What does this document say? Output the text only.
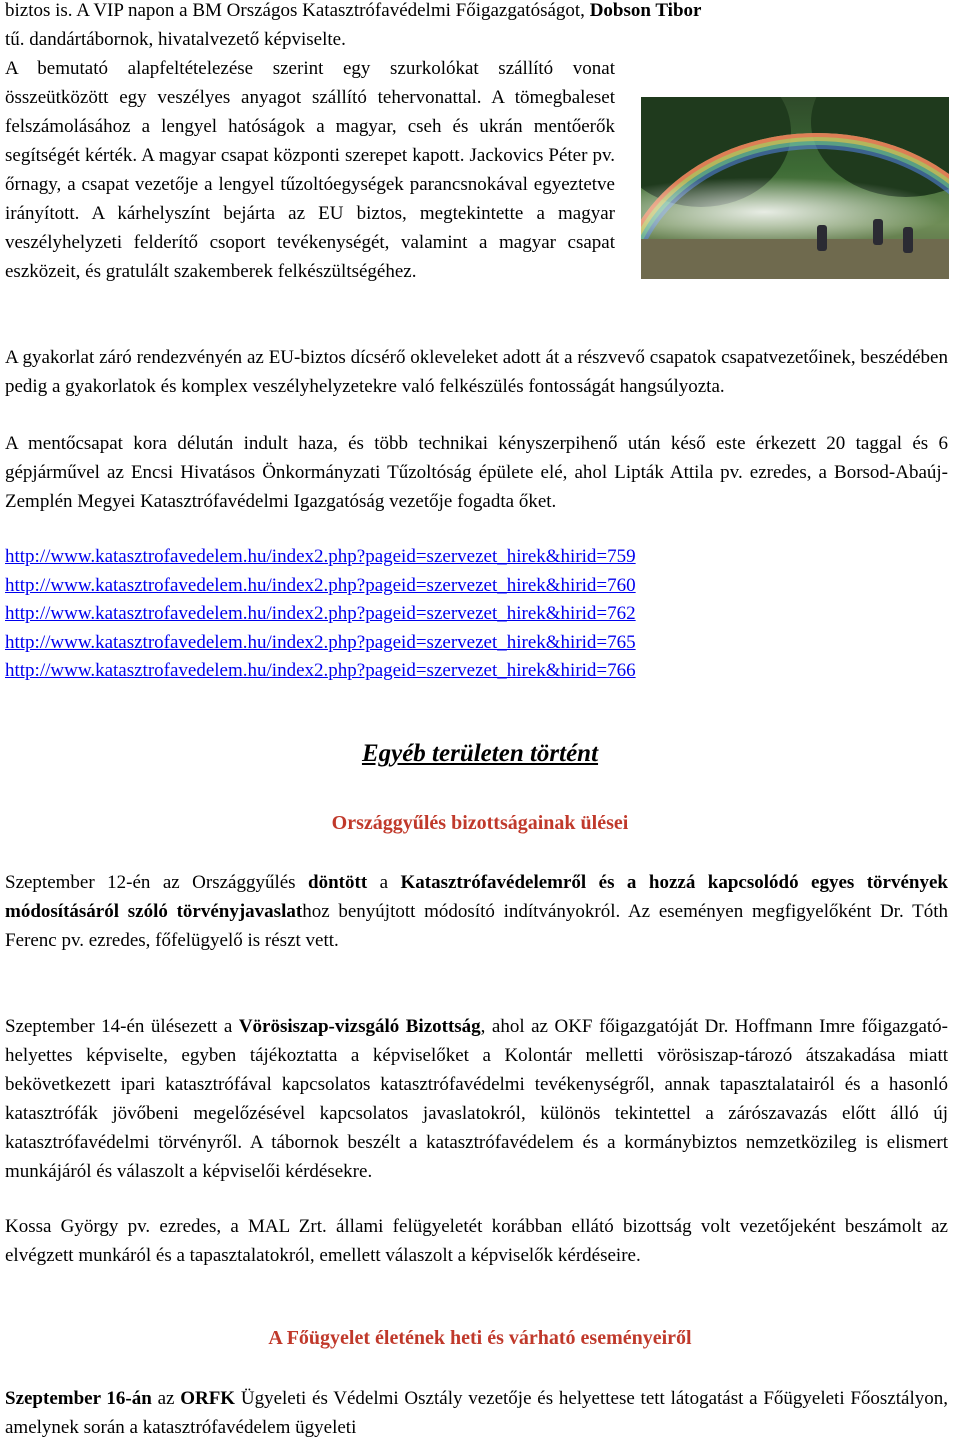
biztos is. A VIP napon a BM Országos Katasztrófavédelmi Főigazgatóságot, Dobson Tibor

tű. dandártábornok, hivatalvezető képviselte.

A bemutató alapfeltételezése szerint egy szurkolókat szállító vonat összeütközött egy veszélyes anyagot szállító tehervonattal. A tömegbaleset felszámolásához a lengyel hatóságok a magyar, cseh és ukrán mentőerők segítségét kérték. A magyar csapat központi szerepet kapott. Jackovics Péter pv. őrnagy, a csapat vezetője a lengyel tűzoltóegységek parancsnokával egyeztetve irányított. A kárhelyszínt bejárta az EU biztos, megtekintette a magyar veszélyhelyzeti felderítő csoport tevékenységét, valamint a magyar csapat eszközeit, és gratulált szakemberek felkészültségéhez.

A gyakorlat záró rendezvényén az EU-biztos dícsérő okleveleket adott át a részvevő csapatok csapatvezetőinek, beszédében pedig a gyakorlatok és komplex veszélyhelyzetekre való felkészülés fontosságát hangsúlyozta.

A mentőcsapat kora délután indult haza, és több technikai kényszerpihenő után késő este érkezett 20 taggal és 6 gépjárművel az Encsi Hivatásos Önkormányzati Tűzoltóság épülete elé, ahol Lipták Attila pv. ezredes, a Borsod-Abaúj-Zemplén Megyei Katasztrófavédelmi Igazgatóság vezetője fogadta őket.

http://www.katasztrofavedelem.hu/index2.php?pageid=szervezet_hirek&hirid=759
http://www.katasztrofavedelem.hu/index2.php?pageid=szervezet_hirek&hirid=760
http://www.katasztrofavedelem.hu/index2.php?pageid=szervezet_hirek&hirid=762
http://www.katasztrofavedelem.hu/index2.php?pageid=szervezet_hirek&hirid=765
http://www.katasztrofavedelem.hu/index2.php?pageid=szervezet_hirek&hirid=766
Egyéb területen történt
Országgyűlés bizottságainak ülései

Szeptember 12-én az Országgyűlés döntött a Katasztrófavédelemről és a hozzá kapcsolódó egyes törvények módosításáról szóló törvényjavaslathoz benyújtott módosító indítványokról. Az eseményen megfigyelőként Dr. Tóth Ferenc pv. ezredes, főfelügyelő is részt vett.

Szeptember 14-én ülésezett a Vörösiszap-vizsgáló Bizottság, ahol az OKF főigazgatóját Dr. Hoffmann Imre főigazgató-helyettes képviselte, egyben tájékoztatta a képviselőket a Kolontár melletti vörösiszap-tározó átszakadása miatt bekövetkezett ipari katasztrófával kapcsolatos katasztrófavédelmi tevékenységről, annak tapasztalatairól és a hasonló katasztrófák jövőbeni megelőzésével kapcsolatos javaslatokról, különös tekintettel a zárószavazás előtt álló új katasztrófavédelmi törvényről. A tábornok beszélt a katasztrófavédelem és a kormánybiztos nemzetközileg is elismert munkájáról és válaszolt a képviselői kérdésekre.

Kossa György pv. ezredes, a MAL Zrt. állami felügyeletét korábban ellátó bizottság volt vezetőjeként beszámolt az elvégzett munkáról és a tapasztalatokról, emellett válaszolt a képviselők kérdéseire.

A Főügyelet életének heti és várható eseményeiről

Szeptember 16-án az ORFK Ügyeleti és Védelmi Osztály vezetője és helyettese tett látogatást a Főügyeleti Főosztályon, amelynek során a katasztrófavédelem ügyeleti
